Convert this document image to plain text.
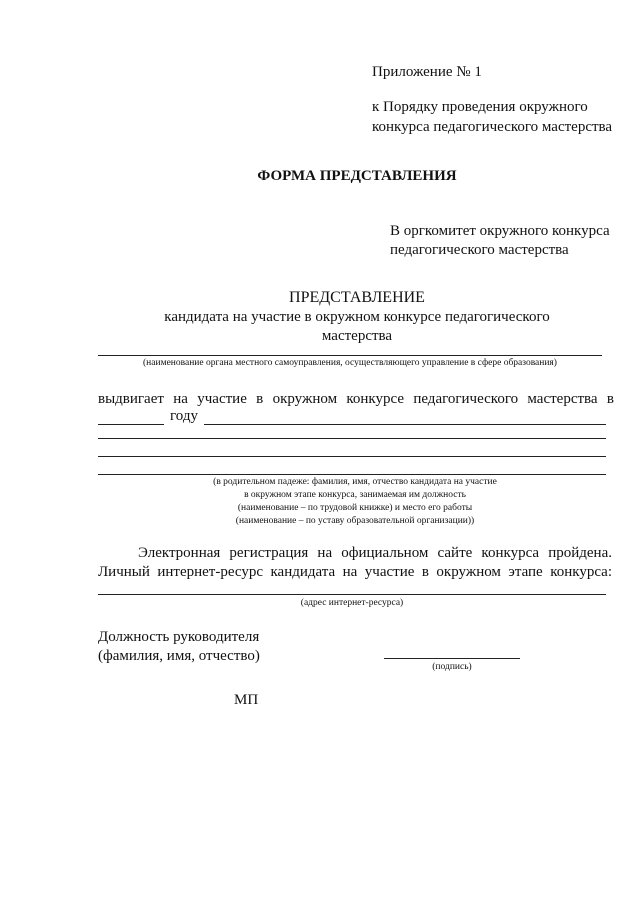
Приложение № 1
к Порядку проведения окружного
конкурса педагогического мастерства
ФОРМА ПРЕДСТАВЛЕНИЯ
В оргкомитет окружного конкурса
педагогического мастерства
ПРЕДСТАВЛЕНИЕ
кандидата на участие в окружном конкурсе педагогического
мастерства
(наименование органа местного самоуправления, осуществляющего управление в сфере образования)
выдвигает на участие в окружном конкурсе педагогического мастерства в
году
(в родительном падеже: фамилия, имя, отчество кандидата на участие
в окружном этапе конкурса, занимаемая им должность
(наименование – по трудовой книжке) и место его работы
(наименование – по уставу образовательной организации))
Электронная регистрация на официальном сайте конкурса пройдена.
Личный интернет-ресурс кандидата на участие в окружном этапе конкурса:
(адрес интернет-ресурса)
Должность руководителя
(фамилия, имя, отчество)
(подпись)
МП
